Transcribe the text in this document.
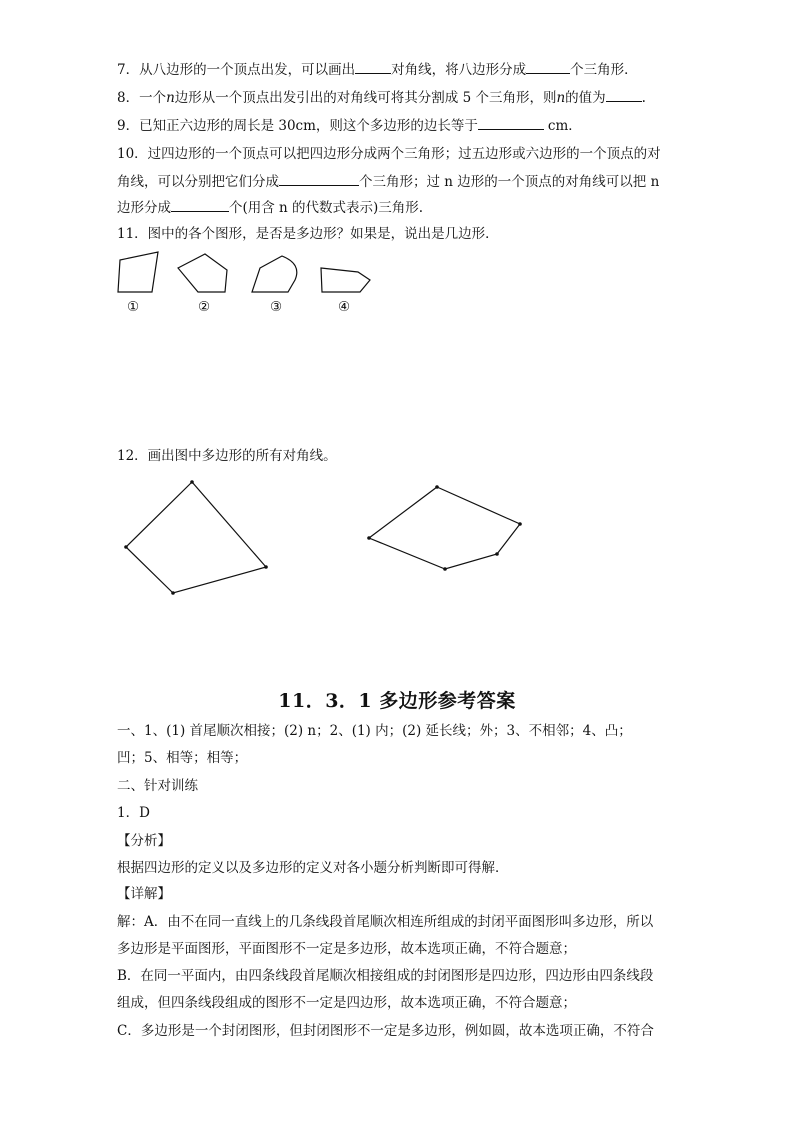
7．从八边形的一个顶点出发，可以画出	对角线，将八边形分成	个三角形．
8．一个n边形从一个顶点出发引出的对角线可将其分割成 5 个三角形，则n的值为	.
9．已知正六边形的周长是 30cm，则这个多边形的边长等于	cm．
10．过四边形的一个顶点可以把四边形分成两个三角形；过五边形或六边形的一个顶点的对
角线，可以分别把它们分成	个三角形；过 n 边形的一个顶点的对角线可以把 n
边形分成	个(用含 n 的代数式表示)三角形.
11．图中的各个图形，是否是多边形？如果是，说出是几边形．
①	②	③	④
12．画出图中多边形的所有对角线。
11．3．1 多边形参考答案
一、1、(1) 首尾顺次相接；(2) n；2、(1) 内；(2) 延长线；外；3、不相邻；4、凸；
凹；5、相等；相等；
二、针对训练
1．D
【分析】
根据四边形的定义以及多边形的定义对各小题分析判断即可得解．
【详解】
解：A．由不在同一直线上的几条线段首尾顺次相连所组成的封闭平面图形叫多边形，所以
多边形是平面图形，平面图形不一定是多边形，故本选项正确，不符合题意；
B．在同一平面内，由四条线段首尾顺次相接组成的封闭图形是四边形，四边形由四条线段
组成，但四条线段组成的图形不一定是四边形，故本选项正确，不符合题意；
C．多边形是一个封闭图形，但封闭图形不一定是多边形，例如圆，故本选项正确，不符合
